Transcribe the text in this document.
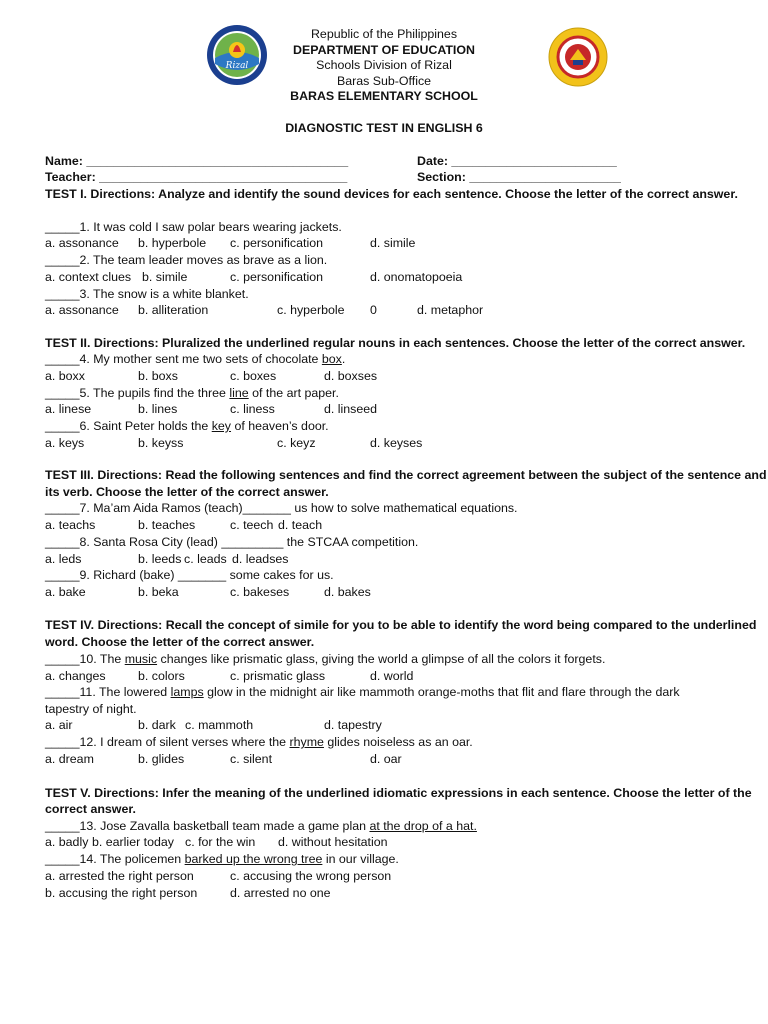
Rizal
Republic of the Philippines
DEPARTMENT OF EDUCATION
Schools Division of Rizal
Baras Sub-Office
BARAS ELEMENTARY SCHOOL
DIAGNOSTIC TEST IN ENGLISH 6
Name: ______________________________________	Date: ________________________
Teacher: ____________________________________	Section: ______________________
TEST I. Directions: Analyze and identify the sound devices for each sentence. Choose the letter of the correct answer.
_____1. It was cold I saw polar bears wearing jackets.
a. assonance b. hyperbole c. personification	d. simile
_____2. The team leader moves as brave as a lion.
a. context clues b. simile	c. personification	d. onomatopoeia
_____3. The snow is a white blanket.
a. assonance b. alliteration	c. hyperbole 0	d. metaphor
TEST II. Directions: Pluralized the underlined regular nouns in each sentences. Choose the letter of the correct answer.
_____4. My mother sent me two sets of chocolate box.
a. boxx	b. boxs	c. boxes	d. boxses
_____5. The pupils find the three line of the art paper.
a. linese	b. lines	c. liness	d. linseed
_____6. Saint Peter holds the key of heaven’s door.
a. keys	b. keyss	c. keyz	d. keyses
TEST III. Directions: Read the following sentences and find the correct agreement between the subject of the sentence and
its verb. Choose the letter of the correct answer.
_____7. Ma’am Aida Ramos (teach)_______ us how to solve mathematical equations.
a. teachs	b. teaches	c. teech d. teach
_____8. Santa Rosa City (lead) _________ the STCAA competition.
a. leds	b. leeds c. leads d. leadses
_____9. Richard (bake) _______ some cakes for us.
a. bake	b. beka	c. bakeses	d. bakes
TEST IV. Directions: Recall the concept of simile for you to be able to identify the word being compared to the underlined
word. Choose the letter of the correct answer.
_____10. The music changes like prismatic glass, giving the world a glimpse of all the colors it forgets.
a. changes	b. colors	c. prismatic glass	d. world
_____11. The lowered lamps glow in the midnight air like mammoth orange-moths that flit and flare through the dark
tapestry of night.
a. air	b. dark c. mammoth	d. tapestry
_____12. I dream of silent verses where the rhyme glides noiseless as an oar.
a. dream	b. glides	c. silent	d. oar
TEST V. Directions: Infer the meaning of the underlined idiomatic expressions in each sentence. Choose the letter of the
correct answer.
_____13. Jose Zavalla basketball team made a game plan at the drop of a hat.
a. badly b. earlier today c. for the win d. without hesitation
_____14. The policemen barked up the wrong tree in our village.
a. arrested the right person	c. accusing the wrong person
b. accusing the right person	d. arrested no one
